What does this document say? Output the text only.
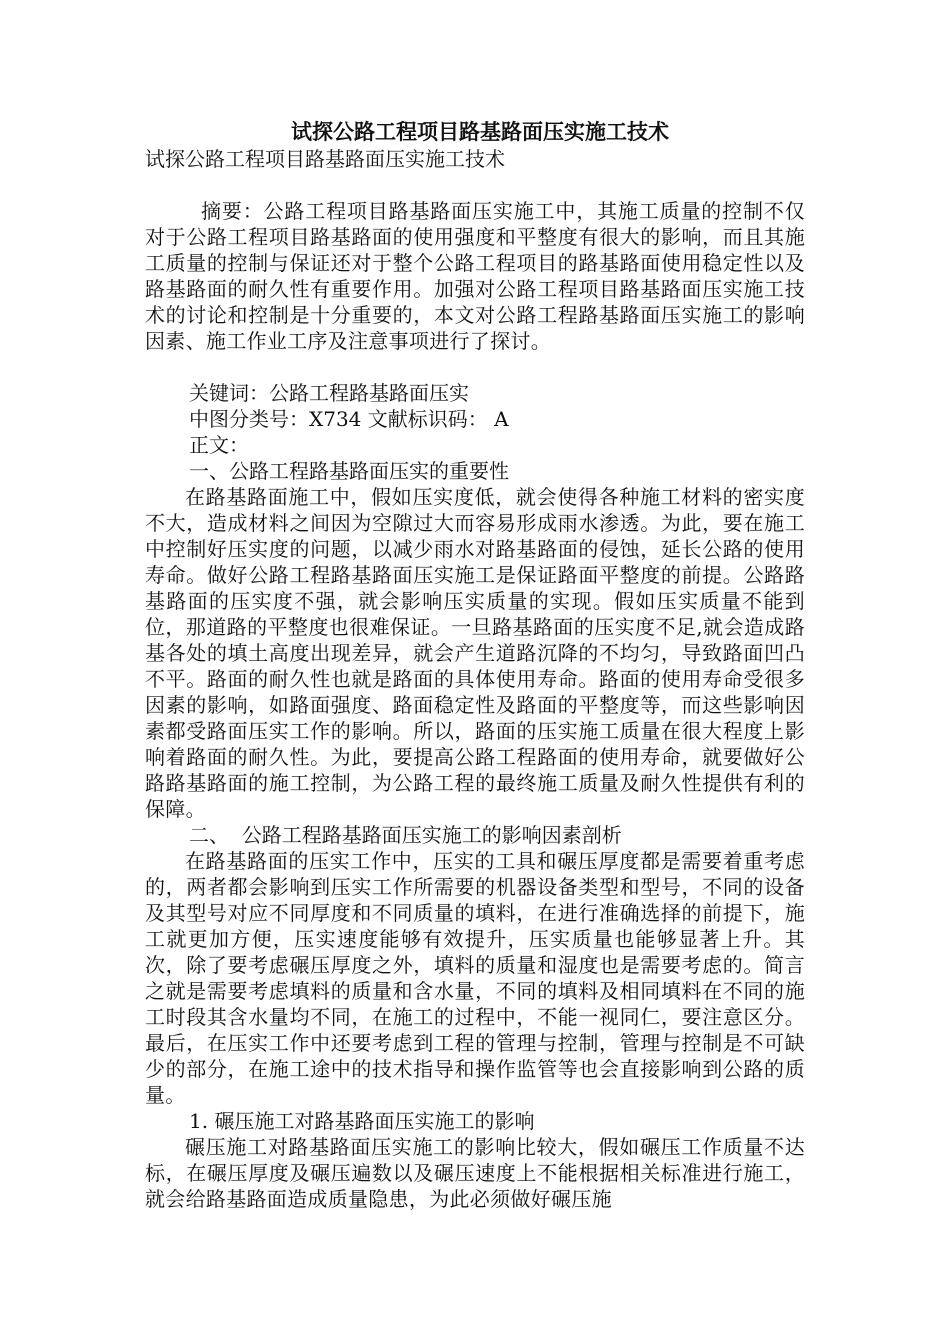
试探公路工程项目路基路面压实施工技术
试探公路工程项目路基路面压实施工技术

摘要：公路工程项目路基路面压实施工中，其施工质量的控制不仅对于公路工程项目路基路面的使用强度和平整度有很大的影响，而且其施工质量的控制与保证还对于整个公路工程项目的路基路面使用稳定性以及路基路面的耐久性有重要作用。加强对公路工程项目路基路面压实施工技术的讨论和控制是十分重要的，本文对公路工程路基路面压实施工的影响因素、施工作业工序及注意事项进行了探讨。

关键词：公路工程路基路面压实
中图分类号：X734 文献标识码： A
正文：
一、公路工程路基路面压实的重要性

在路基路面施工中，假如压实度低，就会使得各种施工材料的密实度不大，造成材料之间因为空隙过大而容易形成雨水渗透。为此，要在施工中控制好压实度的问题，以减少雨水对路基路面的侵蚀，延长公路的使用寿命。做好公路工程路基路面压实施工是保证路面平整度的前提。公路路基路面的压实度不强，就会影响压实质量的实现。假如压实质量不能到位，那道路的平整度也很难保证。一旦路基路面的压实度不足,就会造成路基各处的填土高度出现差异，就会产生道路沉降的不均匀，导致路面凹凸不平。路面的耐久性也就是路面的具体使用寿命。路面的使用寿命受很多因素的影响，如路面强度、路面稳定性及路面的平整度等，而这些影响因素都受路面压实工作的影响。所以，路面的压实施工质量在很大程度上影响着路面的耐久性。为此，要提高公路工程路面的使用寿命，就要做好公路路基路面的施工控制，为公路工程的最终施工质量及耐久性提供有利的保障。

二、  公路工程路基路面压实施工的影响因素剖析

在路基路面的压实工作中，压实的工具和碾压厚度都是需要着重考虑的，两者都会影响到压实工作所需要的机器设备类型和型号，不同的设备及其型号对应不同厚度和不同质量的填料，在进行准确选择的前提下，施工就更加方便，压实速度能够有效提升，压实质量也能够显著上升。其次，除了要考虑碾压厚度之外，填料的质量和湿度也是需要考虑的。简言之就是需要考虑填料的质量和含水量，不同的填料及相同填料在不同的施工时段其含水量均不同，在施工的过程中，不能一视同仁，要注意区分。最后，在压实工作中还要考虑到工程的管理与控制，管理与控制是不可缺少的部分，在施工途中的技术指导和操作监管等也会直接影响到公路的质量。

1. 碾压施工对路基路面压实施工的影响

碾压施工对路基路面压实施工的影响比较大，假如碾压工作质量不达标，在碾压厚度及碾压遍数以及碾压速度上不能根据相关标准进行施工，就会给路基路面造成质量隐患，为此必须做好碾压施
